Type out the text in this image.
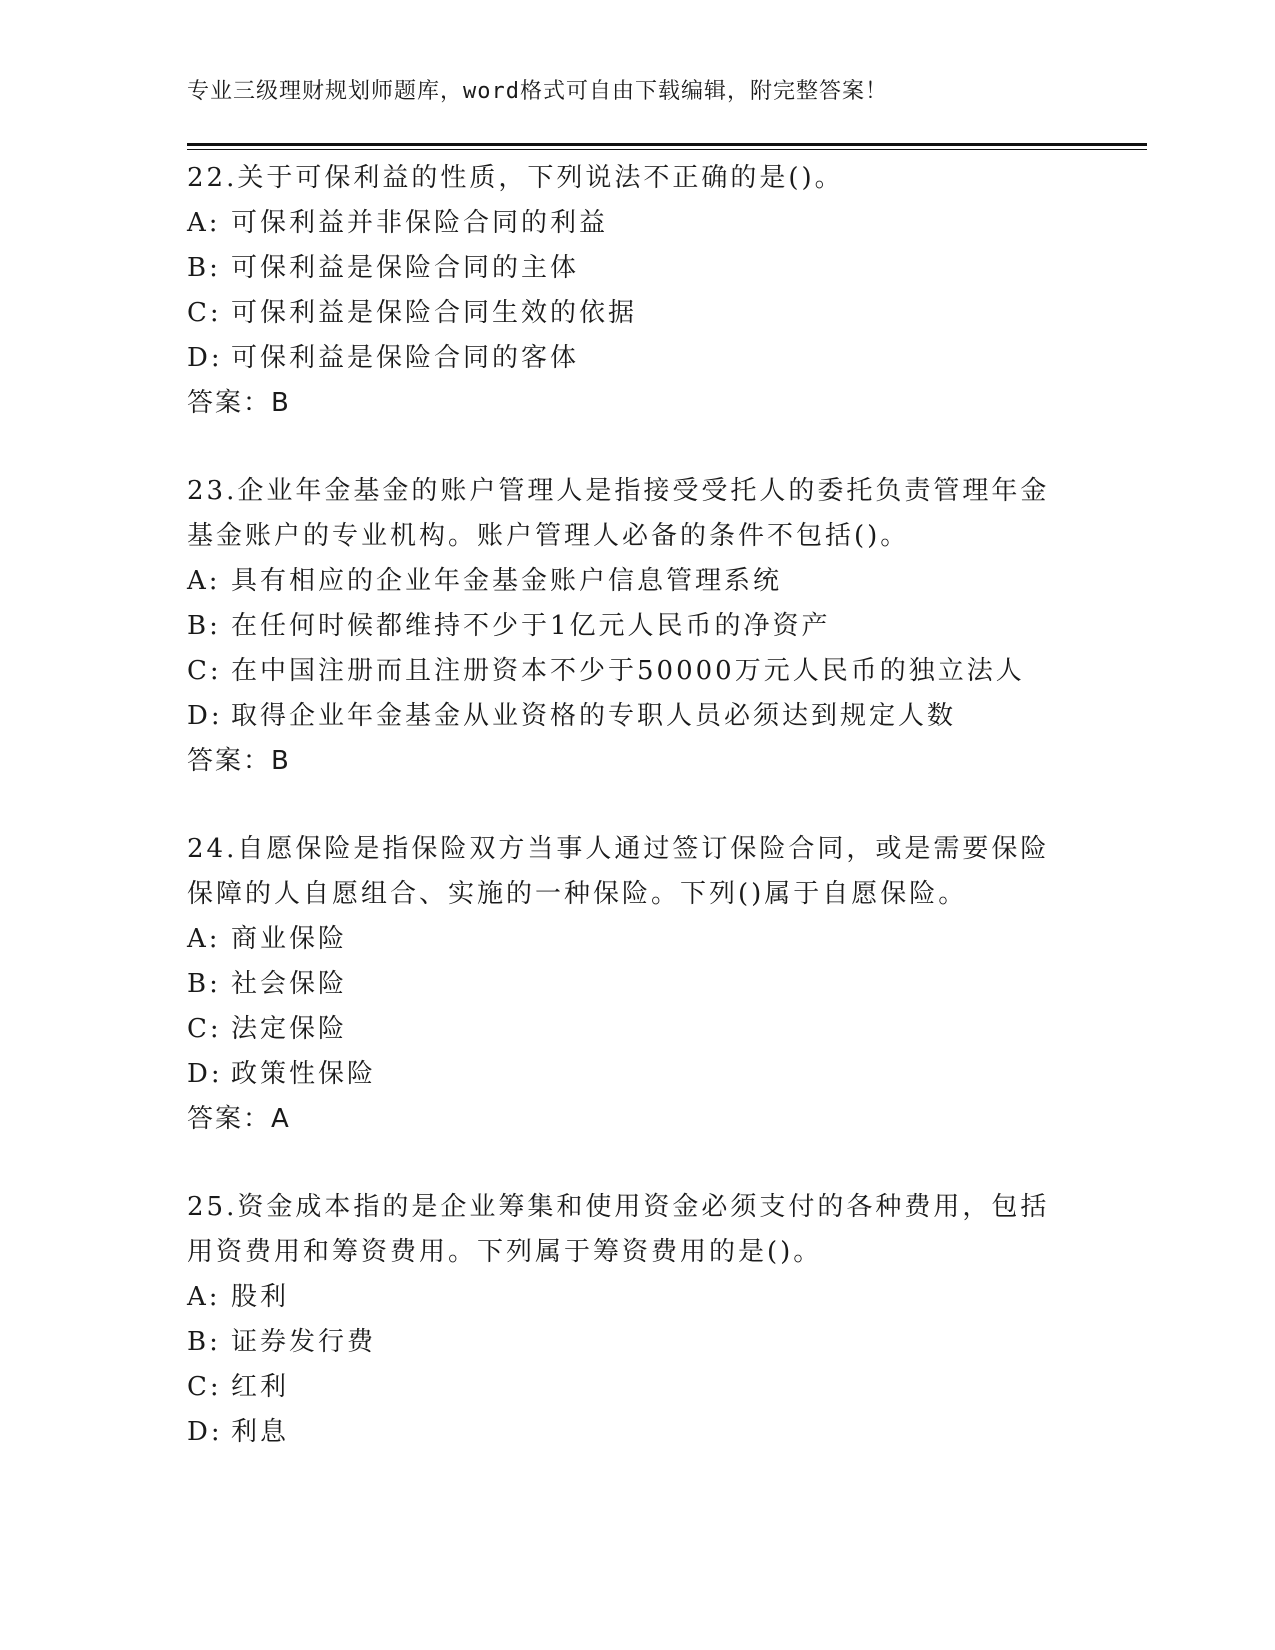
专业三级理财规划师题库，word格式可自由下载编辑，附完整答案！

22.关于可保利益的性质，下列说法不正确的是()。

A: 可保利益并非保险合同的利益
B: 可保利益是保险合同的主体
C: 可保利益是保险合同生效的依据
D: 可保利益是保险合同的客体
答案：B

23.企业年金基金的账户管理人是指接受受托人的委托负责管理年金基金账户的专业机构。账户管理人必备的条件不包括()。

A: 具有相应的企业年金基金账户信息管理系统
B: 在任何时候都维持不少于1亿元人民币的净资产
C: 在中国注册而且注册资本不少于50000万元人民币的独立法人
D: 取得企业年金基金从业资格的专职人员必须达到规定人数
答案：B

24.自愿保险是指保险双方当事人通过签订保险合同，或是需要保险保障的人自愿组合、实施的一种保险。下列()属于自愿保险。

A: 商业保险
B: 社会保险
C: 法定保险
D: 政策性保险
答案：A

25.资金成本指的是企业筹集和使用资金必须支付的各种费用，包括用资费用和筹资费用。下列属于筹资费用的是()。

A: 股利
B: 证券发行费
C: 红利
D: 利息
